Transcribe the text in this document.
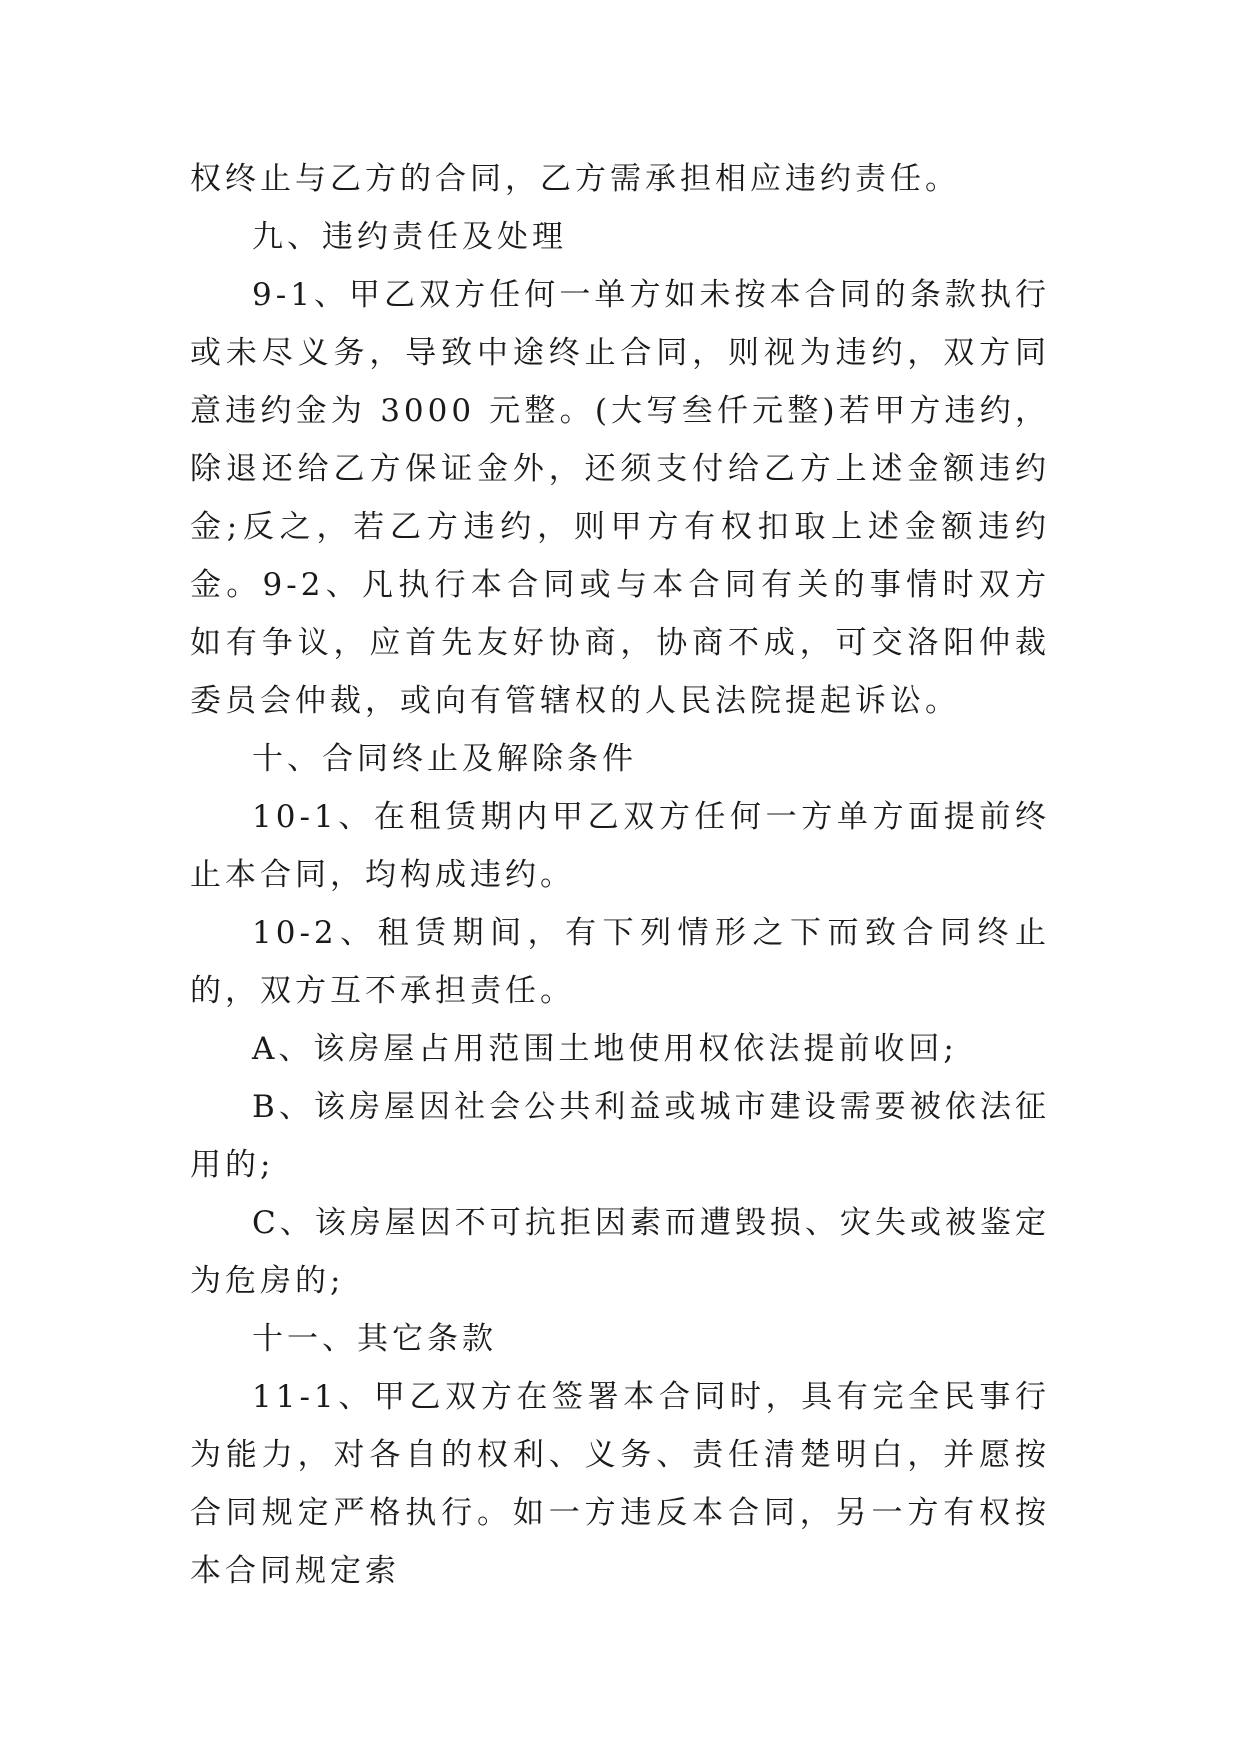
权终止与乙方的合同，乙方需承担相应违约责任。

九、违约责任及处理

9-1、甲乙双方任何一单方如未按本合同的条款执行或未尽义务，导致中途终止合同，则视为违约，双方同意违约金为 3000 元整。(大写叁仟元整)若甲方违约，除退还给乙方保证金外，还须支付给乙方上述金额违约金;反之，若乙方违约，则甲方有权扣取上述金额违约金。9-2、凡执行本合同或与本合同有关的事情时双方如有争议，应首先友好协商，协商不成，可交洛阳仲裁委员会仲裁，或向有管辖权的人民法院提起诉讼。

十、合同终止及解除条件

10-1、在租赁期内甲乙双方任何一方单方面提前终止本合同，均构成违约。

10-2、租赁期间，有下列情形之下而致合同终止的，双方互不承担责任。

A、该房屋占用范围土地使用权依法提前收回;

B、该房屋因社会公共利益或城市建设需要被依法征用的;

C、该房屋因不可抗拒因素而遭毁损、灾失或被鉴定为危房的;

十一、其它条款

11-1、甲乙双方在签署本合同时，具有完全民事行为能力，对各自的权利、义务、责任清楚明白，并愿按合同规定严格执行。如一方违反本合同，另一方有权按本合同规定索
